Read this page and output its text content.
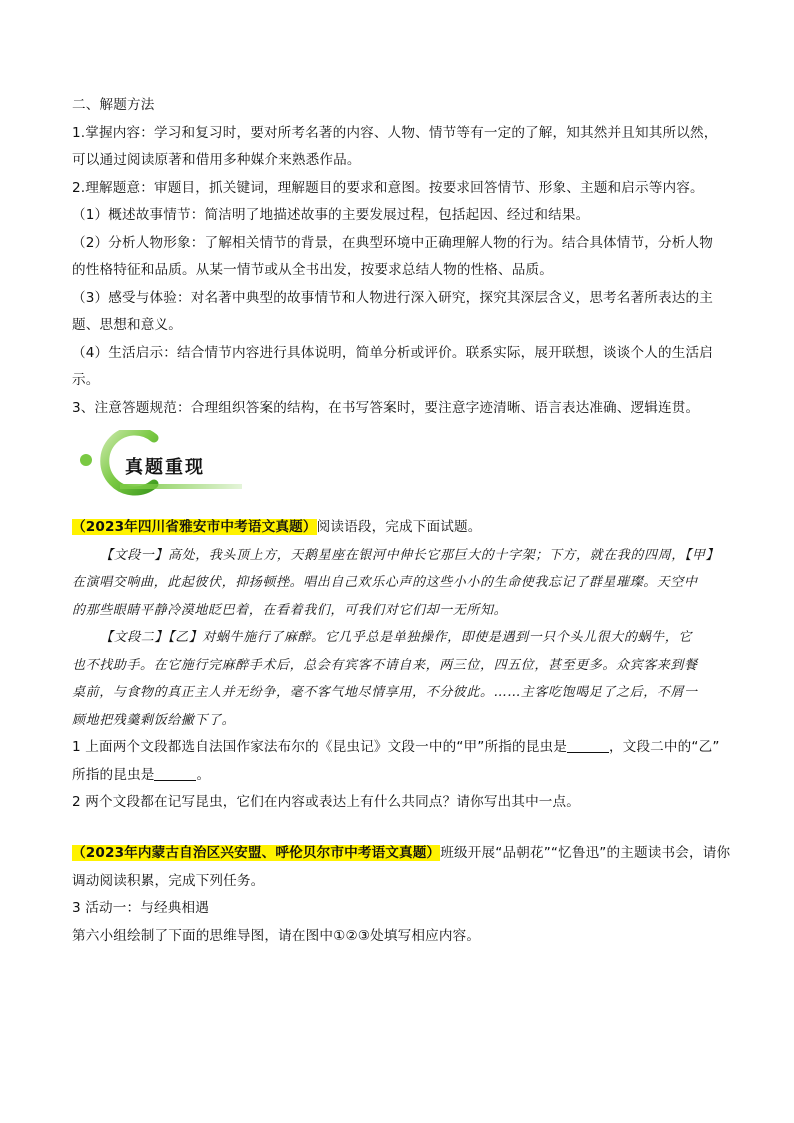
二、解题方法
1.掌握内容：学习和复习时，要对所考名著的内容、人物、情节等有一定的了解，知其然并且知其所以然，
可以通过阅读原著和借用多种媒介来熟悉作品。
2.理解题意：审题目，抓关键词，理解题目的要求和意图。按要求回答情节、形象、主题和启示等内容。
（1）概述故事情节：简洁明了地描述故事的主要发展过程，包括起因、经过和结果。
（2）分析人物形象：了解相关情节的背景，在典型环境中正确理解人物的行为。结合具体情节，分析人物
的性格特征和品质。从某一情节或从全书出发，按要求总结人物的性格、品质。
（3）感受与体验：对名著中典型的故事情节和人物进行深入研究，探究其深层含义，思考名著所表达的主
题、思想和意义。
（4）生活启示：结合情节内容进行具体说明，简单分析或评价。联系实际，展开联想，谈谈个人的生活启
示。
3、注意答题规范：合理组织答案的结构，在书写答案时，要注意字迹清晰、语言表达准确、逻辑连贯。
真题重现
（2023年四川省雅安市中考语文真题）阅读语段，完成下面试题。
【文段一】高处，我头顶上方，天鹅星座在银河中伸长它那巨大的十字架；下方，就在我的四周，【甲】
在演唱交响曲，此起彼伏，抑扬顿挫。唱出自己欢乐心声的这些小小的生命使我忘记了群星璀璨。天空中
的那些眼睛平静冷漠地眨巴着，在看着我们，可我们对它们却一无所知。
【文段二】【乙】对蜗牛施行了麻醉。它几乎总是单独操作，即使是遇到一只个头儿很大的蜗牛，它
也不找助手。在它施行完麻醉手术后，总会有宾客不请自来，两三位，四五位，甚至更多。众宾客来到餐
桌前，与食物的真正主人并无纷争，毫不客气地尽情享用，不分彼此。……主客吃饱喝足了之后，不屑一
顾地把残羹剩饭给撇下了。
1 上面两个文段都选自法国作家法布尔的《昆虫记》文段一中的“甲”所指的昆虫是	，文段二中的“乙”
所指的昆虫是	。
2 两个文段都在记写昆虫，它们在内容或表达上有什么共同点？请你写出其中一点。
（2023年内蒙古自治区兴安盟、呼伦贝尔市中考语文真题）班级开展“品朝花”“忆鲁迅”的主题读书会，请你
调动阅读积累，完成下列任务。
3 活动一：与经典相遇
第六小组绘制了下面的思维导图，请在图中①②③处填写相应内容。
